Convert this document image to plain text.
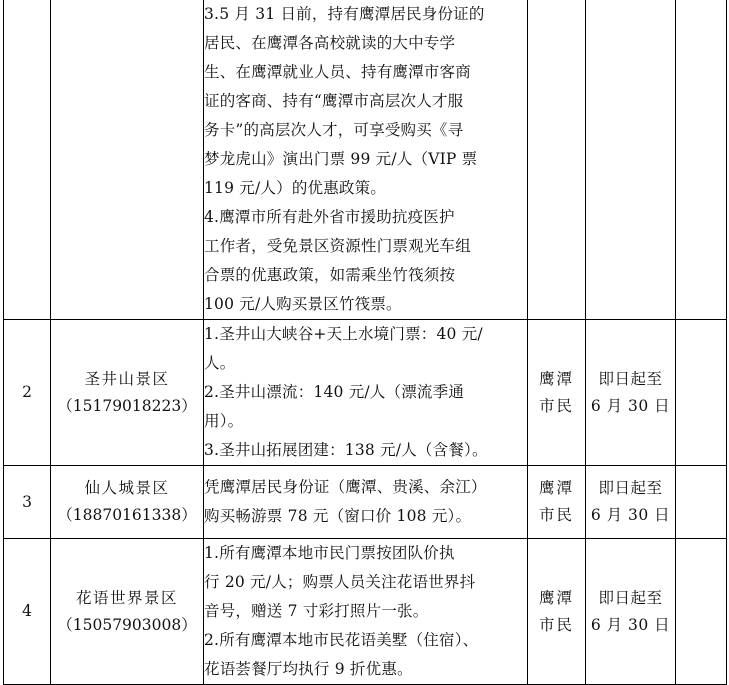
3.5 月 31 日前，持有鹰潭居民身份证的
居民、在鹰潭各高校就读的大中专学
生、在鹰潭就业人员、持有鹰潭市客商
证的客商、持有“鹰潭市高层次人才服
务卡”的高层次人才，可享受购买《寻
梦龙虎山》演出门票 99 元/人（VIP 票
119 元/人）的优惠政策。
4.鹰潭市所有赴外省市援助抗疫医护
工作者，受免景区资源性门票观光车组
合票的优惠政策，如需乘坐竹筏须按
100 元/人购买景区竹筏票。

2	圣井山景区
（15179018223）	1.圣井山大峡谷+天上水境门票：40 元/
人。
2.圣井山漂流：140 元/人（漂流季通
用）。
3.圣井山拓展团建：138 元/人（含餐）。	鹰潭
市民	即日起至
6 月 30 日	

3	仙人城景区
（18870161338）	凭鹰潭居民身份证（鹰潭、贵溪、余江）
购买畅游票 78 元（窗口价 108 元）。	鹰潭
市民	即日起至
6 月 30 日	

4	花语世界景区
（15057903008）	1.所有鹰潭本地市民门票按团队价执
行 20 元/人；购票人员关注花语世界抖
音号，赠送 7 寸彩打照片一张。
2.所有鹰潭本地市民花语美墅（住宿）、
花语荟餐厅均执行 9 折优惠。	鹰潭
市民	即日起至
6 月 30 日	
